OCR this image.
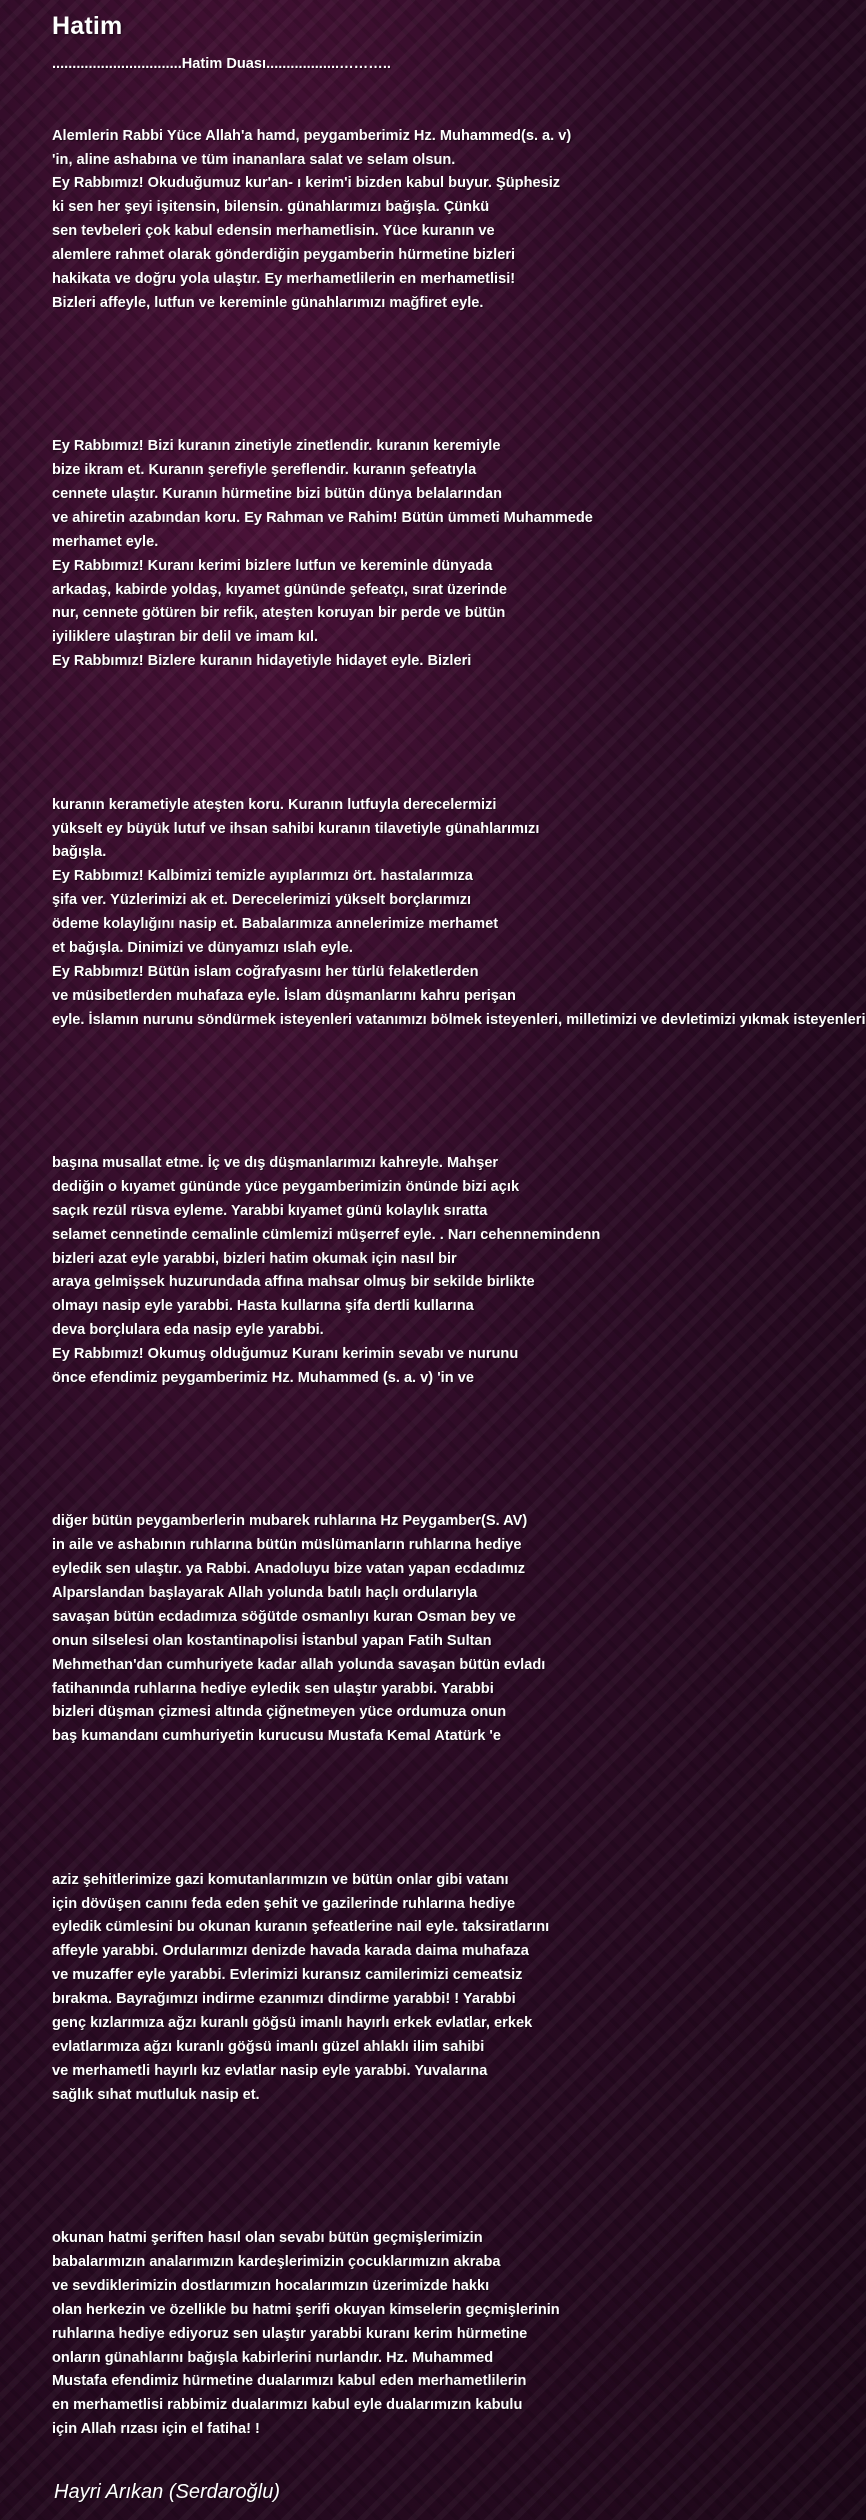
Hatim
................................Hatim Duası..................………..
Alemlerin Rabbi Yüce Allah'a hamd, peygamberimiz Hz. Muhammed(s. a. v)
'in, aline ashabına ve tüm inananlara salat ve selam olsun.
Ey Rabbımız! Okuduğumuz kur'an- ı kerim'i bizden kabul buyur. Şüphesiz
ki sen her şeyi işitensin, bilensin. günahlarımızı bağışla. Çünkü
sen tevbeleri çok kabul edensin merhametlisin. Yüce kuranın ve
alemlere rahmet olarak gönderdiğin peygamberin hürmetine bizleri
hakikata ve doğru yola ulaştır. Ey merhametlilerin en merhametlisi!
Bizleri affeyle, lutfun ve kereminle günahlarımızı mağfiret eyle.
Ey Rabbımız! Bizi kuranın zinetiyle zinetlendir. kuranın keremiyle
bize ikram et. Kuranın şerefiyle şereflendir. kuranın şefeatıyla
cennete ulaştır. Kuranın hürmetine bizi bütün dünya belalarından
ve ahiretin azabından koru. Ey Rahman ve Rahim! Bütün ümmeti Muhammede
merhamet eyle.
Ey Rabbımız! Kuranı kerimi bizlere lutfun ve kereminle dünyada
arkadaş, kabirde yoldaş, kıyamet gününde şefeatçı, sırat üzerinde
nur, cennete götüren bir refik, ateşten koruyan bir perde ve bütün
iyiliklere ulaştıran bir delil ve imam kıl.
Ey Rabbımız! Bizlere kuranın hidayetiyle hidayet eyle. Bizleri
kuranın kerametiyle ateşten koru. Kuranın lutfuyla derecelermizi
yükselt ey büyük lutuf ve ihsan sahibi kuranın tilavetiyle günahlarımızı
bağışla.
Ey Rabbımız! Kalbimizi temizle ayıplarımızı ört. hastalarımıza
şifa ver. Yüzlerimizi ak et. Derecelerimizi yükselt borçlarımızı
ödeme kolaylığını nasip et. Babalarımıza annelerimize merhamet
et bağışla. Dinimizi ve dünyamızı ıslah eyle.
Ey Rabbımız! Bütün islam coğrafyasını her türlü felaketlerden
ve müsibetlerden muhafaza eyle. İslam düşmanlarını kahru perişan
eyle. İslamın nurunu söndürmek isteyenleri vatanımızı bölmek isteyenleri, milletimizi ve devletimizi yıkmak isteyenleri
başına musallat etme. İç ve dış düşmanlarımızı kahreyle. Mahşer
dediğin o kıyamet gününde yüce peygamberimizin önünde bizi açık
saçık rezül rüsva eyleme. Yarabbi kıyamet günü kolaylık sıratta
selamet cennetinde cemalinle cümlemizi müşerref eyle. . Narı cehennemindenn
bizleri azat eyle yarabbi, bizleri hatim okumak için nasıl bir
araya gelmişsek huzurundada affına mahsar olmuş bir sekilde birlikte
olmayı nasip eyle yarabbi. Hasta kullarına şifa dertli kullarına
deva borçlulara eda nasip eyle yarabbi.
Ey Rabbımız! Okumuş olduğumuz Kuranı kerimin sevabı ve nurunu
önce efendimiz peygamberimiz Hz. Muhammed (s. a. v) 'in ve
diğer bütün peygamberlerin mubarek ruhlarına Hz Peygamber(S. AV)
in aile ve ashabının ruhlarına bütün müslümanların ruhlarına hediye
eyledik sen ulaştır. ya Rabbi. Anadoluyu bize vatan yapan ecdadımız
Alparslandan başlayarak Allah yolunda batılı haçlı ordularıyla
savaşan bütün ecdadımıza söğütde osmanlıyı kuran Osman bey ve
onun silselesi olan kostantinapolisi İstanbul yapan Fatih Sultan
Mehmethan'dan cumhuriyete kadar allah yolunda savaşan bütün evladı
fatihanında ruhlarına hediye eyledik sen ulaştır yarabbi. Yarabbi
bizleri düşman çizmesi altında çiğnetmeyen yüce ordumuza onun
baş kumandanı cumhuriyetin kurucusu Mustafa Kemal Atatürk 'e
aziz şehitlerimize gazi komutanlarımızın ve bütün onlar gibi vatanı
için dövüşen canını feda eden şehit ve gazilerinde ruhlarına hediye
eyledik cümlesini bu okunan kuranın şefeatlerine nail eyle. taksiratlarını
affeyle yarabbi. Ordularımızı denizde havada karada daima muhafaza
ve muzaffer eyle yarabbi. Evlerimizi kuransız camilerimizi cemeatsiz
bırakma. Bayrağımızı indirme ezanımızı dindirme yarabbi! ! Yarabbi
genç kızlarımıza ağzı kuranlı göğsü imanlı hayırlı erkek evlatlar, erkek
evlatlarımıza ağzı kuranlı göğsü imanlı güzel ahlaklı ilim sahibi
ve merhametli hayırlı kız evlatlar nasip eyle yarabbi. Yuvalarına
sağlık sıhat mutluluk nasip et.
okunan hatmi şeriften hasıl olan sevabı bütün geçmişlerimizin
babalarımızın analarımızın kardeşlerimizin çocuklarımızın akraba
ve sevdiklerimizin dostlarımızın hocalarımızın üzerimizde hakkı
olan herkezin ve özellikle bu hatmi şerifi okuyan kimselerin geçmişlerinin
ruhlarına hediye ediyoruz sen ulaştır yarabbi kuranı kerim hürmetine
onların günahlarını bağışla kabirlerini nurlandır. Hz. Muhammed
Mustafa efendimiz hürmetine dualarımızı kabul eden merhametlilerin
en merhametlisi rabbimiz dualarımızı kabul eyle dualarımızın kabulu
için Allah rızası için el fatiha! !
Hayri Arıkan (Serdaroğlu)
